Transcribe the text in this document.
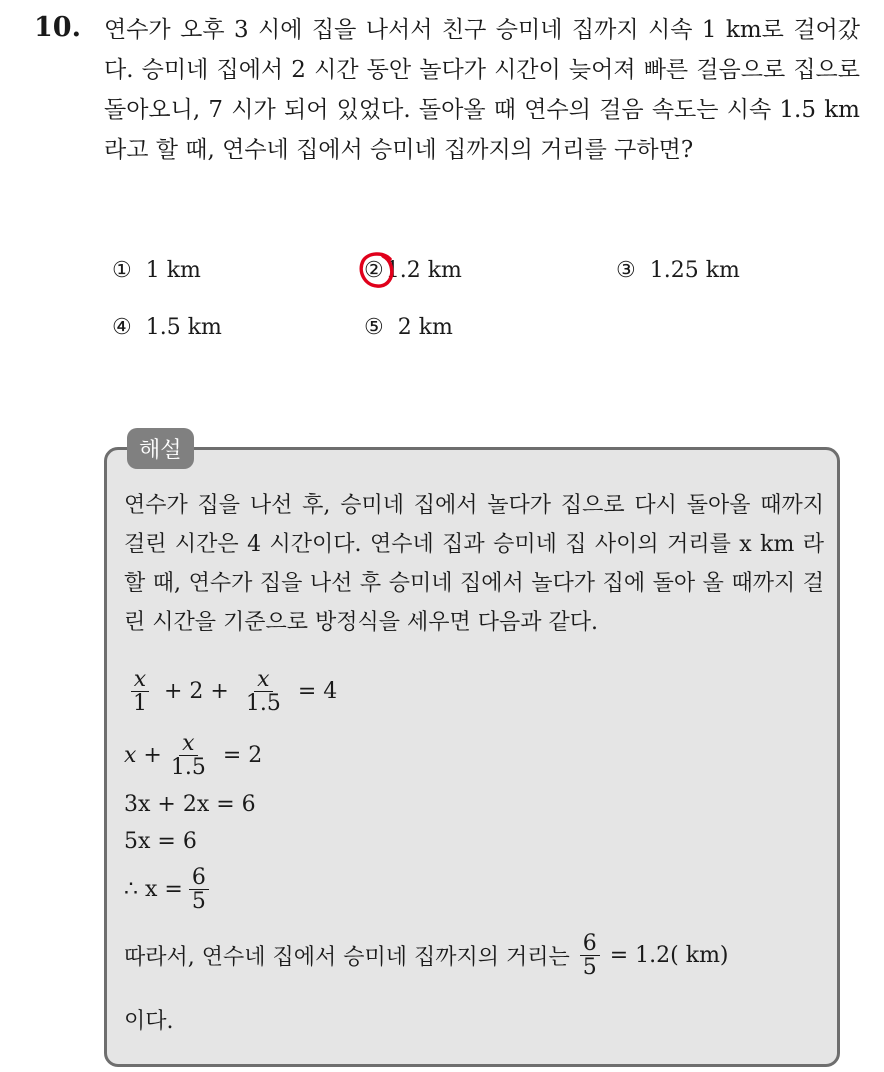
10. 연수가 오후 3 시에 집을 나서서 친구 승미네 집까지 시속 1 km로 걸어갔다. 승미네 집에서 2 시간 동안 놀다가 시간이 늦어져 빠른 걸음으로 집으로 돌아오니, 7 시가 되어 있었다. 돌아올 때 연수의 걸음 속도는 시속 1.5 km라고 할 때, 연수네 집에서 승미네 집까지의 거리를 구하면?
① 1 km	② 1.2 km	③ 1.25 km
④ 1.5 km	⑤ 2 km
해설
연수가 집을 나선 후, 승미네 집에서 놀다가 집으로 다시 돌아올 때까지 걸린 시간은 4 시간이다. 연수네 집과 승미네 집 사이의 거리를 x km 라 할 때, 연수가 집을 나선 후 승미네 집에서 놀다가 집에 돌아 올 때까지 걸린 시간을 기준으로 방정식을 세우면 다음과 같다.
$\frac{x}{1} + 2 + \frac{x}{1.5} = 4$
$x + \frac{x}{1.5} = 2$
3x + 2x = 6
5x = 6
∴ $x = \frac{6}{5}$
따라서, 연수네 집에서 승미네 집까지의 거리는 $\frac{6}{5} = 1.2$( km)
이다.
